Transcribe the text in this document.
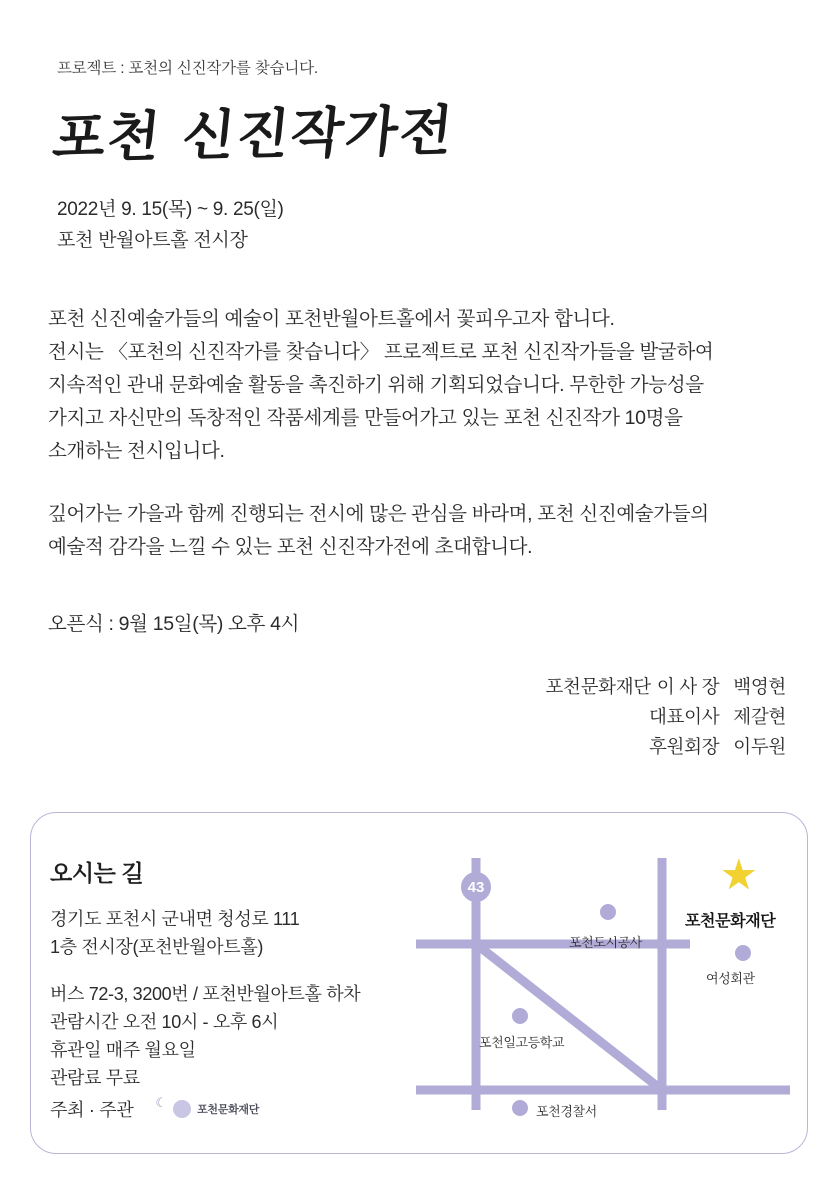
프로젝트 : 포천의 신진작가를 찾습니다.
포천 신진작가전
2022년 9. 15(목) ~ 9. 25(일)
포천 반월아트홀 전시장

포천 신진예술가들의 예술이 포천반월아트홀에서 꽃피우고자 합니다.
전시는 〈포천의 신진작가를 찾습니다〉 프로젝트로 포천 신진작가들을 발굴하여
지속적인 관내 문화예술 활동을 촉진하기 위해 기획되었습니다. 무한한 가능성을
가지고 자신만의 독창적인 작품세계를 만들어가고 있는 포천 신진작가 10명을
소개하는 전시입니다.

깊어가는 가을과 함께 진행되는 전시에 많은 관심을 바라며, 포천 신진예술가들의
예술적 감각을 느낄 수 있는 포천 신진작가전에 초대합니다.

오픈식 : 9월 15일(목) 오후 4시
포천문화재단 이 사 장 백영현
대표이사 제갈현
후원회장 이두원
오시는 길
경기도 포천시 군내면 청성로 111
1층 전시장(포천반월아트홀)
버스 72-3, 3200번 / 포천반월아트홀 하차
관람시간 오전 10시 - 오후 6시
휴관일 매주 월요일
관람료 무료
주최 · 주관 ☾
포천문화재단
43	★
포천문화재단
포천도시공사
여성회관
포천일고등학교
포천경찰서
